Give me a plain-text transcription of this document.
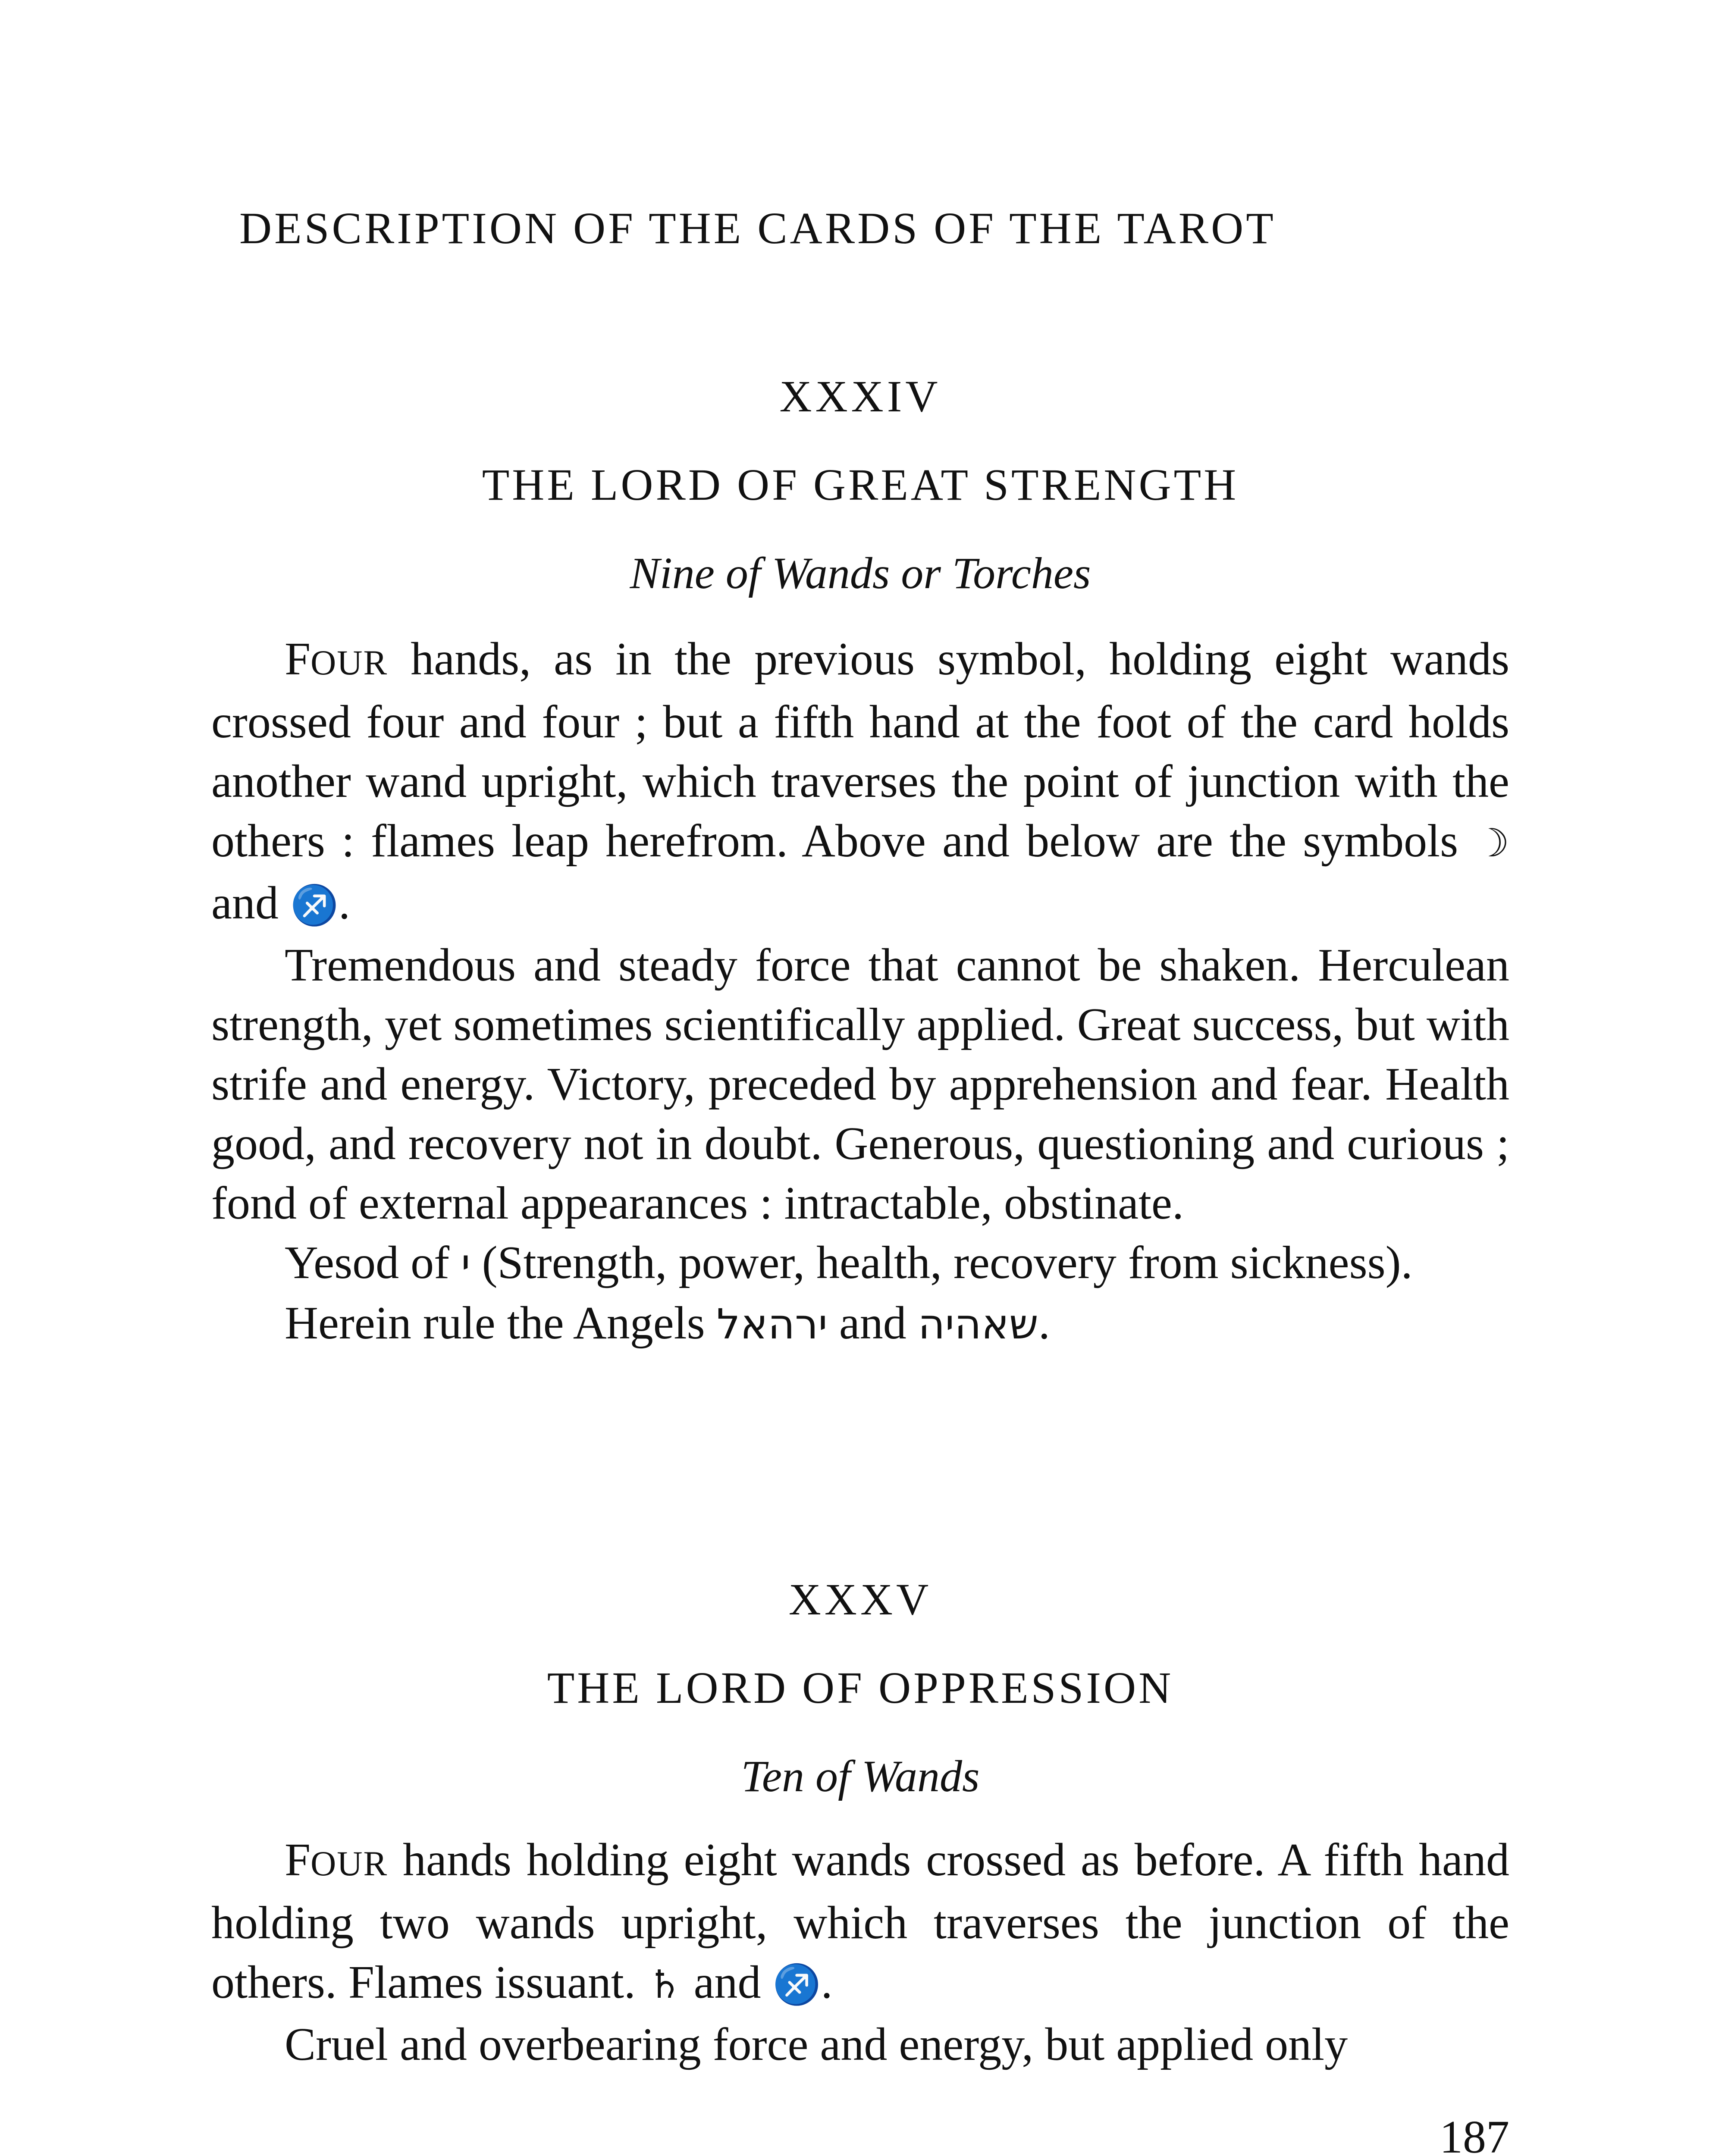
DESCRIPTION OF THE CARDS OF THE TAROT
XXXIV
THE LORD OF GREAT STRENGTH
Nine of Wands or Torches

FOUR hands, as in the previous symbol, holding eight wands crossed four and four ; but a fifth hand at the foot of the card holds another wand upright, which traverses the point of junction with the others : flames leap herefrom. Above and below are the symbols ☽ and ♐.

Tremendous and steady force that cannot be shaken. Herculean strength, yet sometimes scientifically applied. Great success, but with strife and energy. Victory, preceded by apprehension and fear. Health good, and recovery not in doubt. Generous, questioning and curious ; fond of external appearances : intractable, obstinate.

Yesod of י (Strength, power, health, recovery from sickness).

Herein rule the Angels ירהאל and שאהיה.

XXXV
THE LORD OF OPPRESSION
Ten of Wands

FOUR hands holding eight wands crossed as before. A fifth hand holding two wands upright, which traverses the junction of the others. Flames issuant. ♄ and ♐.

Cruel and overbearing force and energy, but applied only

187
